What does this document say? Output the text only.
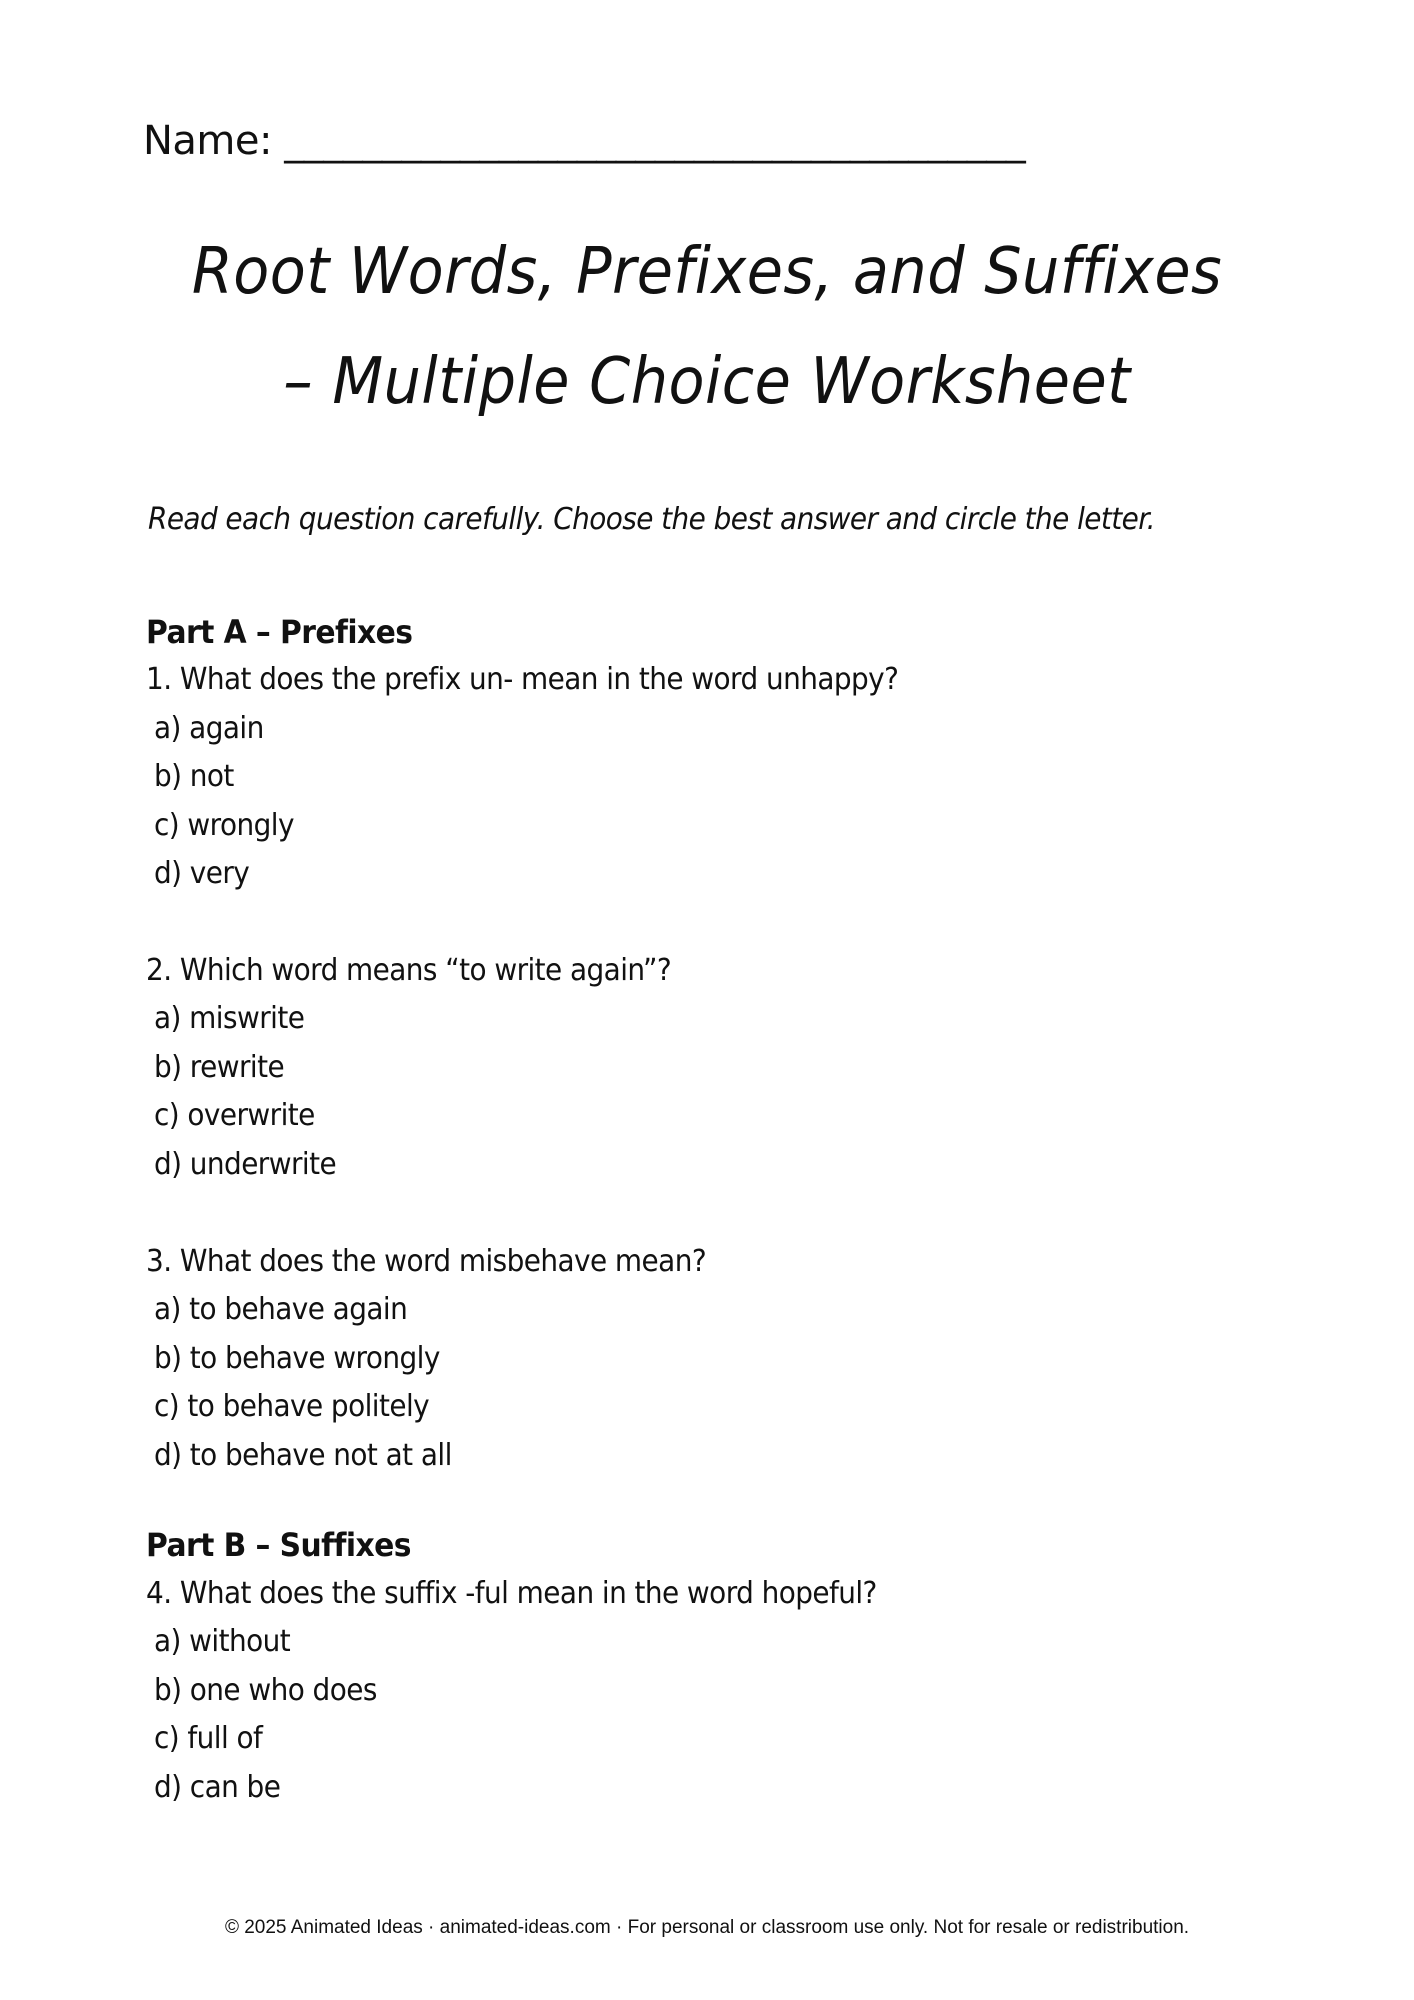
Name: ______________________________________
Root Words, Prefixes, and Suffixes
– Multiple Choice Worksheet
Read each question carefully. Choose the best answer and circle the letter.
Part A – Prefixes
1. What does the prefix un- mean in the word unhappy?
a) again
b) not
c) wrongly
d) very
2. Which word means “to write again”?
a) miswrite
b) rewrite
c) overwrite
d) underwrite
3. What does the word misbehave mean?
a) to behave again
b) to behave wrongly
c) to behave politely
d) to behave not at all
Part B – Suffixes
4. What does the suffix -ful mean in the word hopeful?
a) without
b) one who does
c) full of
d) can be
© 2025 Animated Ideas · animated-ideas.com · For personal or classroom use only. Not for resale or redistribution.
